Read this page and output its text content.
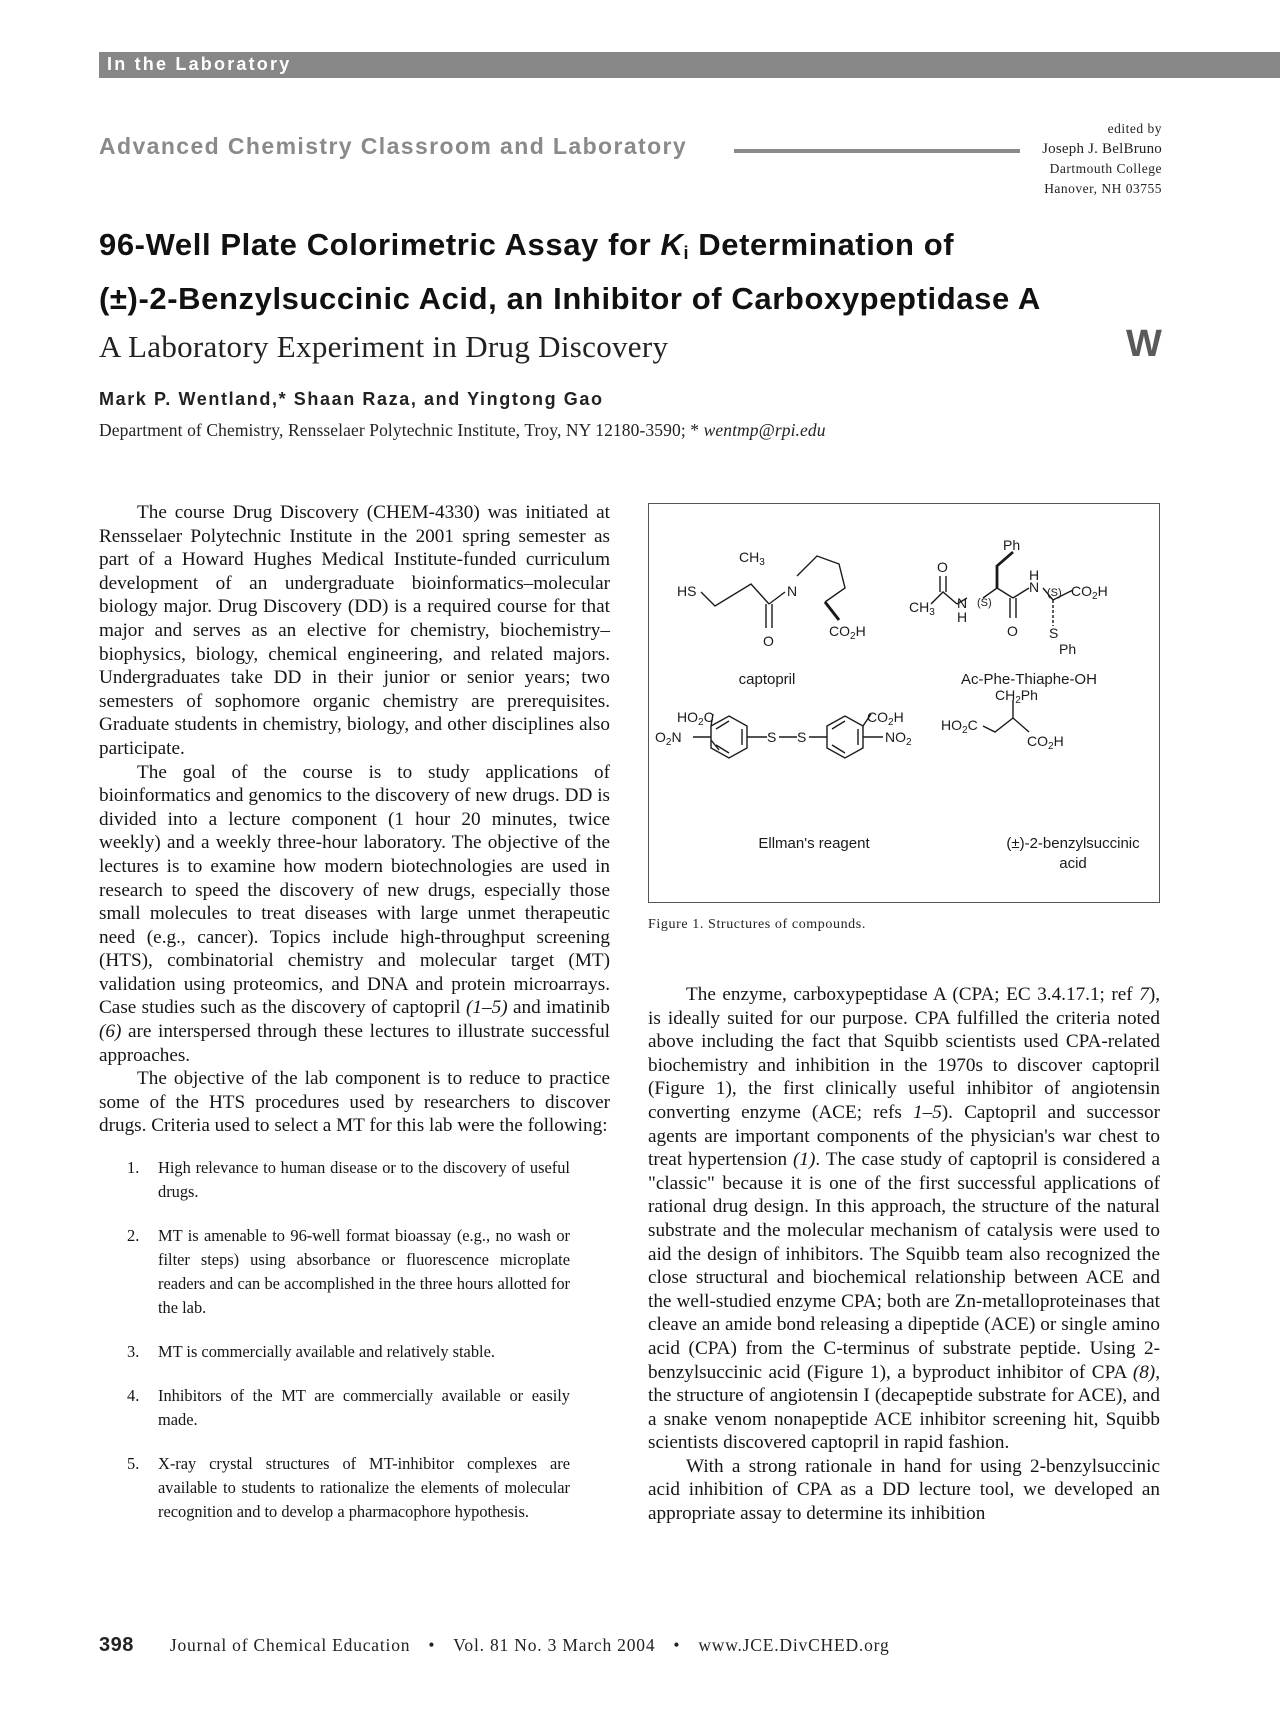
In the Laboratory
Advanced Chemistry Classroom and Laboratory
edited by
Joseph J. BelBruno
Dartmouth College
Hanover, NH 03755
96-Well Plate Colorimetric Assay for $K_i$ Determination of
(±)-2-Benzylsuccinic Acid, an Inhibitor of Carboxypeptidase A
A Laboratory Experiment in Drug Discovery	W
Mark P. Wentland,* Shaan Raza, and Yingtong Gao
Department of Chemistry, Rensselaer Polytechnic Institute, Troy, NY 12180-3590; * wentmp@rpi.edu

The course Drug Discovery (CHEM-4330) was initiated at Rensselaer Polytechnic Institute in the 2001 spring semester as part of a Howard Hughes Medical Institute-funded curriculum development of an undergraduate bioinformatics–molecular biology major. Drug Discovery (DD) is a required course for that major and serves as an elective for chemistry, biochemistry–biophysics, biology, chemical engineering, and related majors. Undergraduates take DD in their junior or senior years; two semesters of sophomore organic chemistry are prerequisites. Graduate students in chemistry, biology, and other disciplines also participate.

The goal of the course is to study applications of bioinformatics and genomics to the discovery of new drugs. DD is divided into a lecture component (1 hour 20 minutes, twice weekly) and a weekly three-hour laboratory. The objective of the lectures is to examine how modern biotechnologies are used in research to speed the discovery of new drugs, especially those small molecules to treat diseases with large unmet therapeutic need (e.g., cancer). Topics include high-throughput screening (HTS), combinatorial chemistry and molecular target (MT) validation using proteomics, and DNA and protein microarrays. Case studies such as the discovery of captopril (1–5) and imatinib (6) are interspersed through these lectures to illustrate successful approaches.

The objective of the lab component is to reduce to practice some of the HTS procedures used by researchers to discover drugs. Criteria used to select a MT for this lab were the following:

1. High relevance to human disease or to the discovery of useful drugs.
2. MT is amenable to 96-well format bioassay (e.g., no wash or filter steps) using absorbance or fluorescence microplate readers and can be accomplished in the three hours allotted for the lab.
3. MT is commercially available and relatively stable.
4. Inhibitors of the MT are commercially available or easily made.
5. X-ray crystal structures of MT-inhibitor complexes are available to students to rationalize the elements of molecular recognition and to develop a pharmacophore hypothesis.
HS
$CH_3$
N
O
$CO_2H$
$CH_3$
O
N
H
(S)
Ph
O
N
H
(S) $CO_2H$
S
Ph
$HO_2C$
$O_2N$	S S
$CO_2H$
$NO_2$
$HO_2C$
$CH_2Ph$
$CO_2H$
captopril	Ac-Phe-Thiaphe-OH
Ellman's reagent	(±)-2-benzylsuccinic
acid
Figure 1. Structures of compounds.

The enzyme, carboxypeptidase A (CPA; EC 3.4.17.1; ref 7), is ideally suited for our purpose. CPA fulfilled the criteria noted above including the fact that Squibb scientists used CPA-related biochemistry and inhibition in the 1970s to discover captopril (Figure 1), the first clinically useful inhibitor of angiotensin converting enzyme (ACE; refs 1–5). Captopril and successor agents are important components of the physician's war chest to treat hypertension (1). The case study of captopril is considered a "classic" because it is one of the first successful applications of rational drug design. In this approach, the structure of the natural substrate and the molecular mechanism of catalysis were used to aid the design of inhibitors. The Squibb team also recognized the close structural and biochemical relationship between ACE and the well-studied enzyme CPA; both are Zn-metalloproteinases that cleave an amide bond releasing a dipeptide (ACE) or single amino acid (CPA) from the C-terminus of substrate peptide. Using 2-benzylsuccinic acid (Figure 1), a byproduct inhibitor of CPA (8), the structure of angiotensin I (decapeptide substrate for ACE), and a snake venom nonapeptide ACE inhibitor screening hit, Squibb scientists discovered captopril in rapid fashion.

With a strong rationale in hand for using 2-benzylsuccinic acid inhibition of CPA as a DD lecture tool, we developed an appropriate assay to determine its inhibition

398 Journal of Chemical Education • Vol. 81 No. 3 March 2004 • www.JCE.DivCHED.org
